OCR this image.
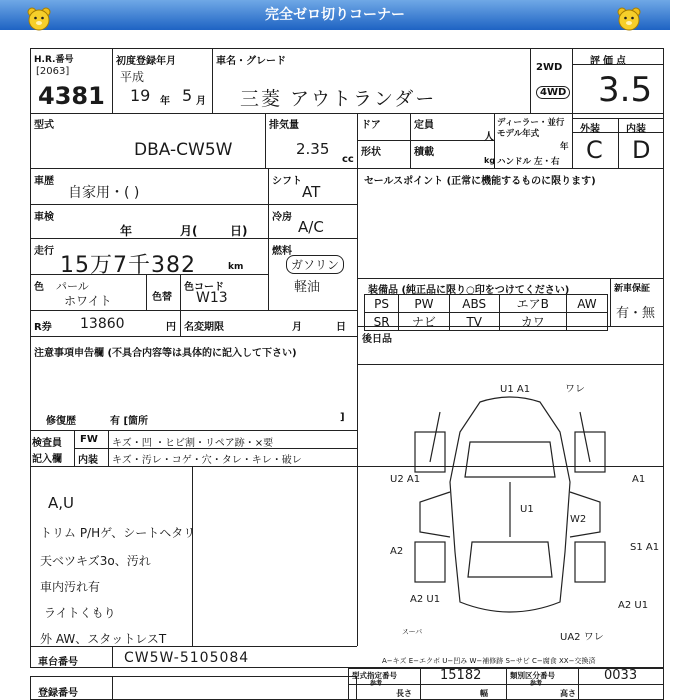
完全ゼロ切りコーナー
H.R.番号
[2063]
4381
初度登録年月
平成
19 年 5 月
車名・グレード
三菱 アウトランダー
2WD
4WD
評価点
3.5
型式
DBA-CW5W
排気量
2.35
cc
ドア
形状
定員
人
積載
kg
ディーラー・並行
モデル年式
年
ハンドル 左・右
外装	内装
C D
車歴
自家用・( )
シフト
AT
車検
年	月(	日)
冷房
A/C
走行
15万7千382	km
燃料
ガソリン
軽油
色 パール
ホワイト	色替
色コード
W13
R券 13860	円 名変期限	月	日
セールスポイント (正常に機能するものに限ります)
装備品 (純正品に限り○印をつけてください)	新車保証
有・無
PS	PW	ABS	エアB	AW
SR	ナビ	TV	カワ	
後日品
注意事項申告欄 (不具合内容等は具体的に記入して下さい)
修復歴	有 [箇所	]
検査員
記入欄
FW キズ・凹 ・ヒビ割・リペア跡・×要
内装 キズ・汚レ・コゲ・穴・タレ・キレ・破レ
A,U
トリム P/Hゲ、シートヘタリ
天ベツキズ3o、汚れ
車内汚れ有
ライトくもり
外 AW、スタットレスT
U1 A1	ワレ
U2 A1	A1
U1
W2
A2	S1 A1
A2 U1
A2 U1
UA2 ワレ
スーパ
A−キズ E−エクボ U−凹み W−補修跡 S−サビ C−腐食 XX−交換済
車台番号	CW5W-5105084
登録番号
型式指定番号
参考
15182	類別区分番号
参考
0033
長さ	幅	高さ
